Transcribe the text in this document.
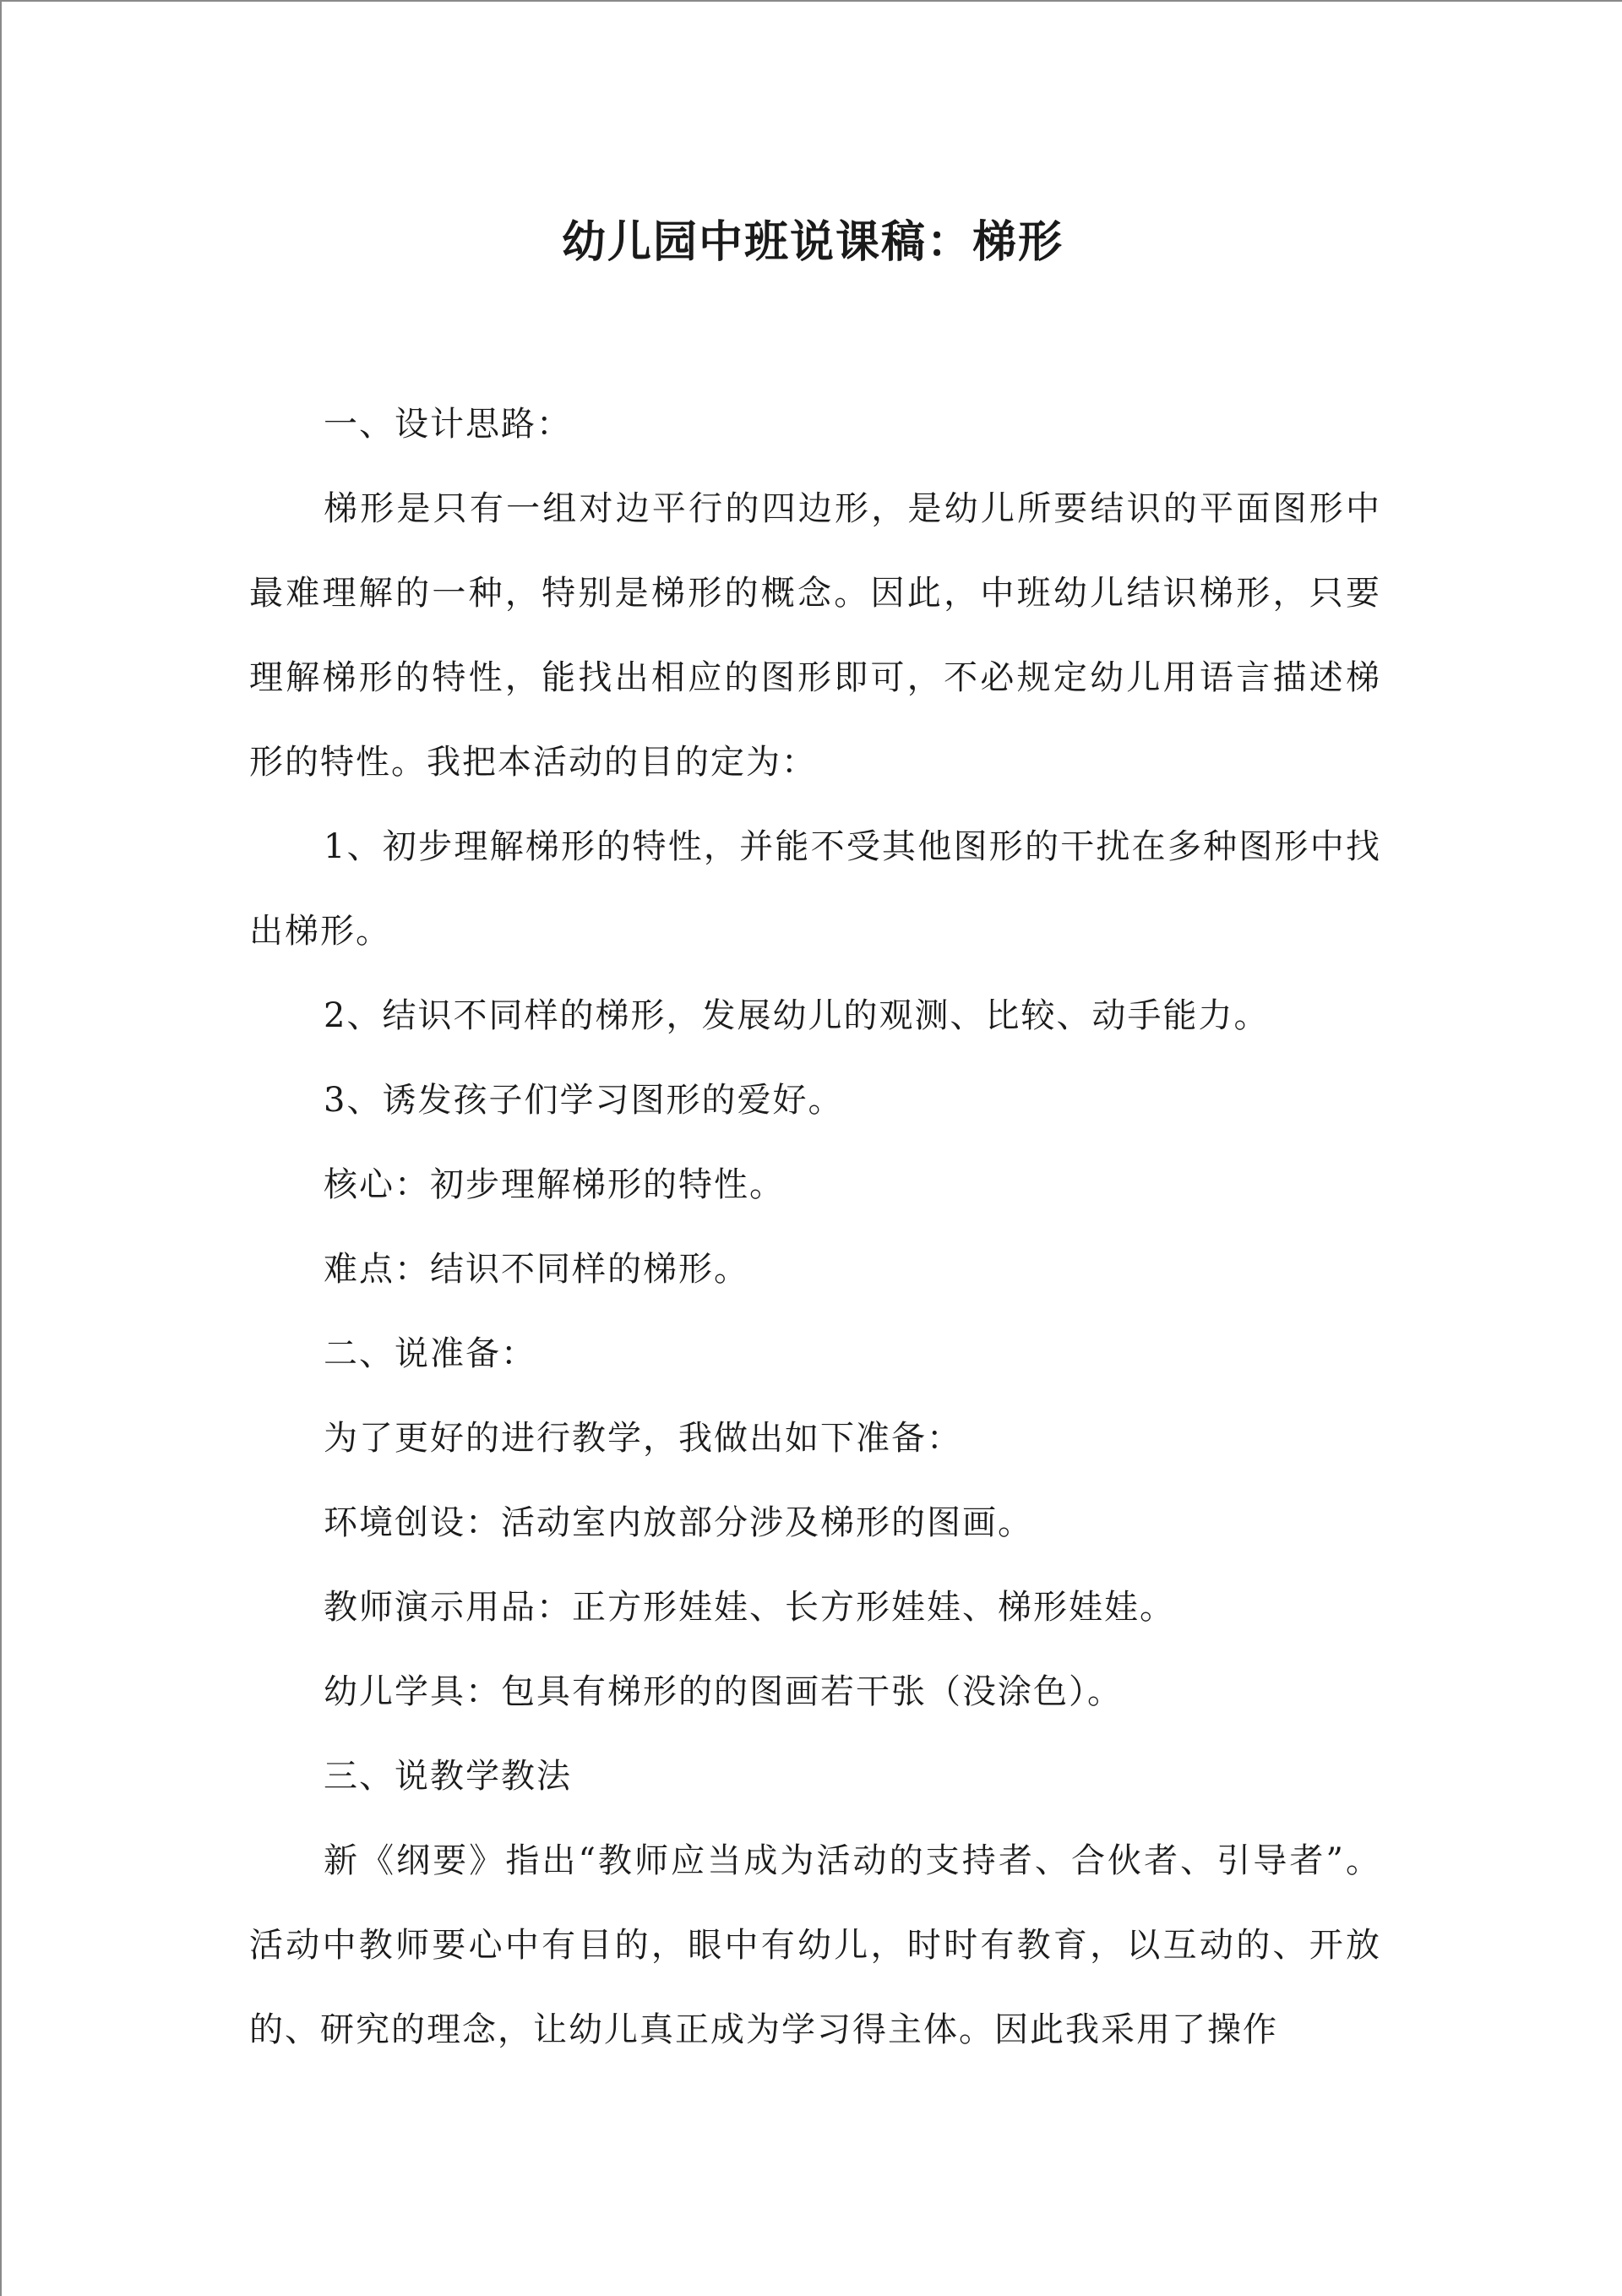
幼儿园中班说课稿：梯形

一、设计思路：

梯形是只有一组对边平行的四边形，是幼儿所要结识的平面图形中最难理解的一种，特别是梯形的概念。因此，中班幼儿结识梯形，只要理解梯形的特性，能找出相应的图形即可，不必规定幼儿用语言描述梯形的特性。我把本活动的目的定为：

1、初步理解梯形的特性，并能不受其他图形的干扰在多种图形中找出梯形。

2、结识不同样的梯形，发展幼儿的观测、比较、动手能力。

3、诱发孩子们学习图形的爱好。

核心：初步理解梯形的特性。

难点：结识不同样的梯形。

二、说准备：

为了更好的进行教学，我做出如下准备：

环境创设：活动室内放部分涉及梯形的图画。

教师演示用品：正方形娃娃、长方形娃娃、梯形娃娃。

幼儿学具：包具有梯形的的图画若干张（没涂色）。

三、说教学教法

新《纲要》指出“教师应当成为活动的支持者、合伙者、引导者”。活动中教师要心中有目的，眼中有幼儿，时时有教育，以互动的、开放的、研究的理念，让幼儿真正成为学习得主体。因此我采用了操作
